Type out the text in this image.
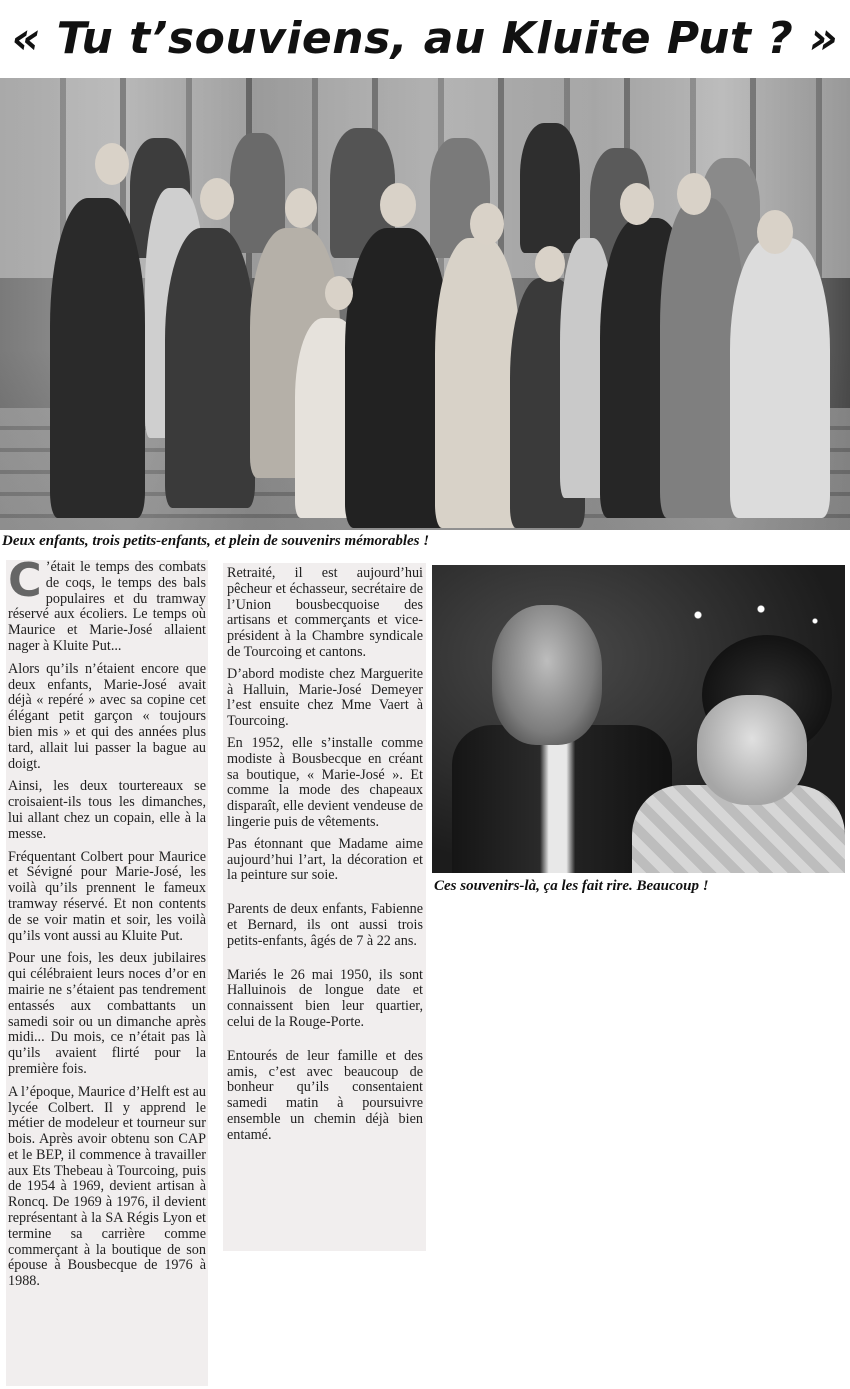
« Tu t’souviens, au Kluite Put ? »
Deux enfants, trois petits-enfants, et plein de souvenirs mémorables !

C ’était le temps des combats de coqs, le temps des bals populaires et du tramway réservé aux écoliers. Le temps où Maurice et Marie-José allaient nager à Kluite Put...

Alors qu’ils n’étaient encore que deux enfants, Marie-José avait déjà « repéré » avec sa copine cet élégant petit garçon « toujours bien mis » et qui des années plus tard, allait lui passer la bague au doigt.

Ainsi, les deux tourtereaux se croisaient-ils tous les dimanches, lui allant chez un copain, elle à la messe.

Fréquentant Colbert pour Maurice et Sévigné pour Marie-José, les voilà qu’ils prennent le fameux tramway réservé. Et non contents de se voir matin et soir, les voilà qu’ils vont aussi au Kluite Put.

Pour une fois, les deux jubilaires qui célébraient leurs noces d’or en mairie ne s’étaient pas tendrement entassés aux combattants un samedi soir ou un dimanche après midi... Du mois, ce n’était pas là qu’ils avaient flirté pour la première fois.

A l’époque, Maurice d’Helft est au lycée Colbert. Il y apprend le métier de modeleur et tourneur sur bois. Après avoir obtenu son CAP et le BEP, il commence à travailler aux Ets Thebeau à Tourcoing, puis de 1954 à 1969, devient artisan à Roncq. De 1969 à 1976, il devient représentant à la SA Régis Lyon et termine sa carrière comme commerçant à la boutique de son épouse à Bousbecque de 1976 à 1988.

Retraité, il est aujourd’hui pêcheur et échasseur, secrétaire de l’Union bousbecquoise des artisans et commerçants et vice-président à la Chambre syndicale de Tourcoing et cantons.

D’abord modiste chez Marguerite à Halluin, Marie-José Demeyer l’est ensuite chez Mme Vaert à Tourcoing.

En 1952, elle s’installe comme modiste à Bousbecque en créant sa boutique, « Marie-José ». Et comme la mode des chapeaux disparaît, elle devient vendeuse de lingerie puis de vêtements.

Pas étonnant que Madame aime aujourd’hui l’art, la décoration et la peinture sur soie.

Parents de deux enfants, Fabienne et Bernard, ils ont aussi trois petits-enfants, âgés de 7 à 22 ans.

Mariés le 26 mai 1950, ils sont Halluinois de longue date et connaissent bien leur quartier, celui de la Rouge-Porte.

Entourés de leur famille et des amis, c’est avec beaucoup de bonheur qu’ils consentaient samedi matin à poursuivre ensemble un chemin déjà bien entamé.

Ces souvenirs-là, ça les fait rire. Beaucoup !
